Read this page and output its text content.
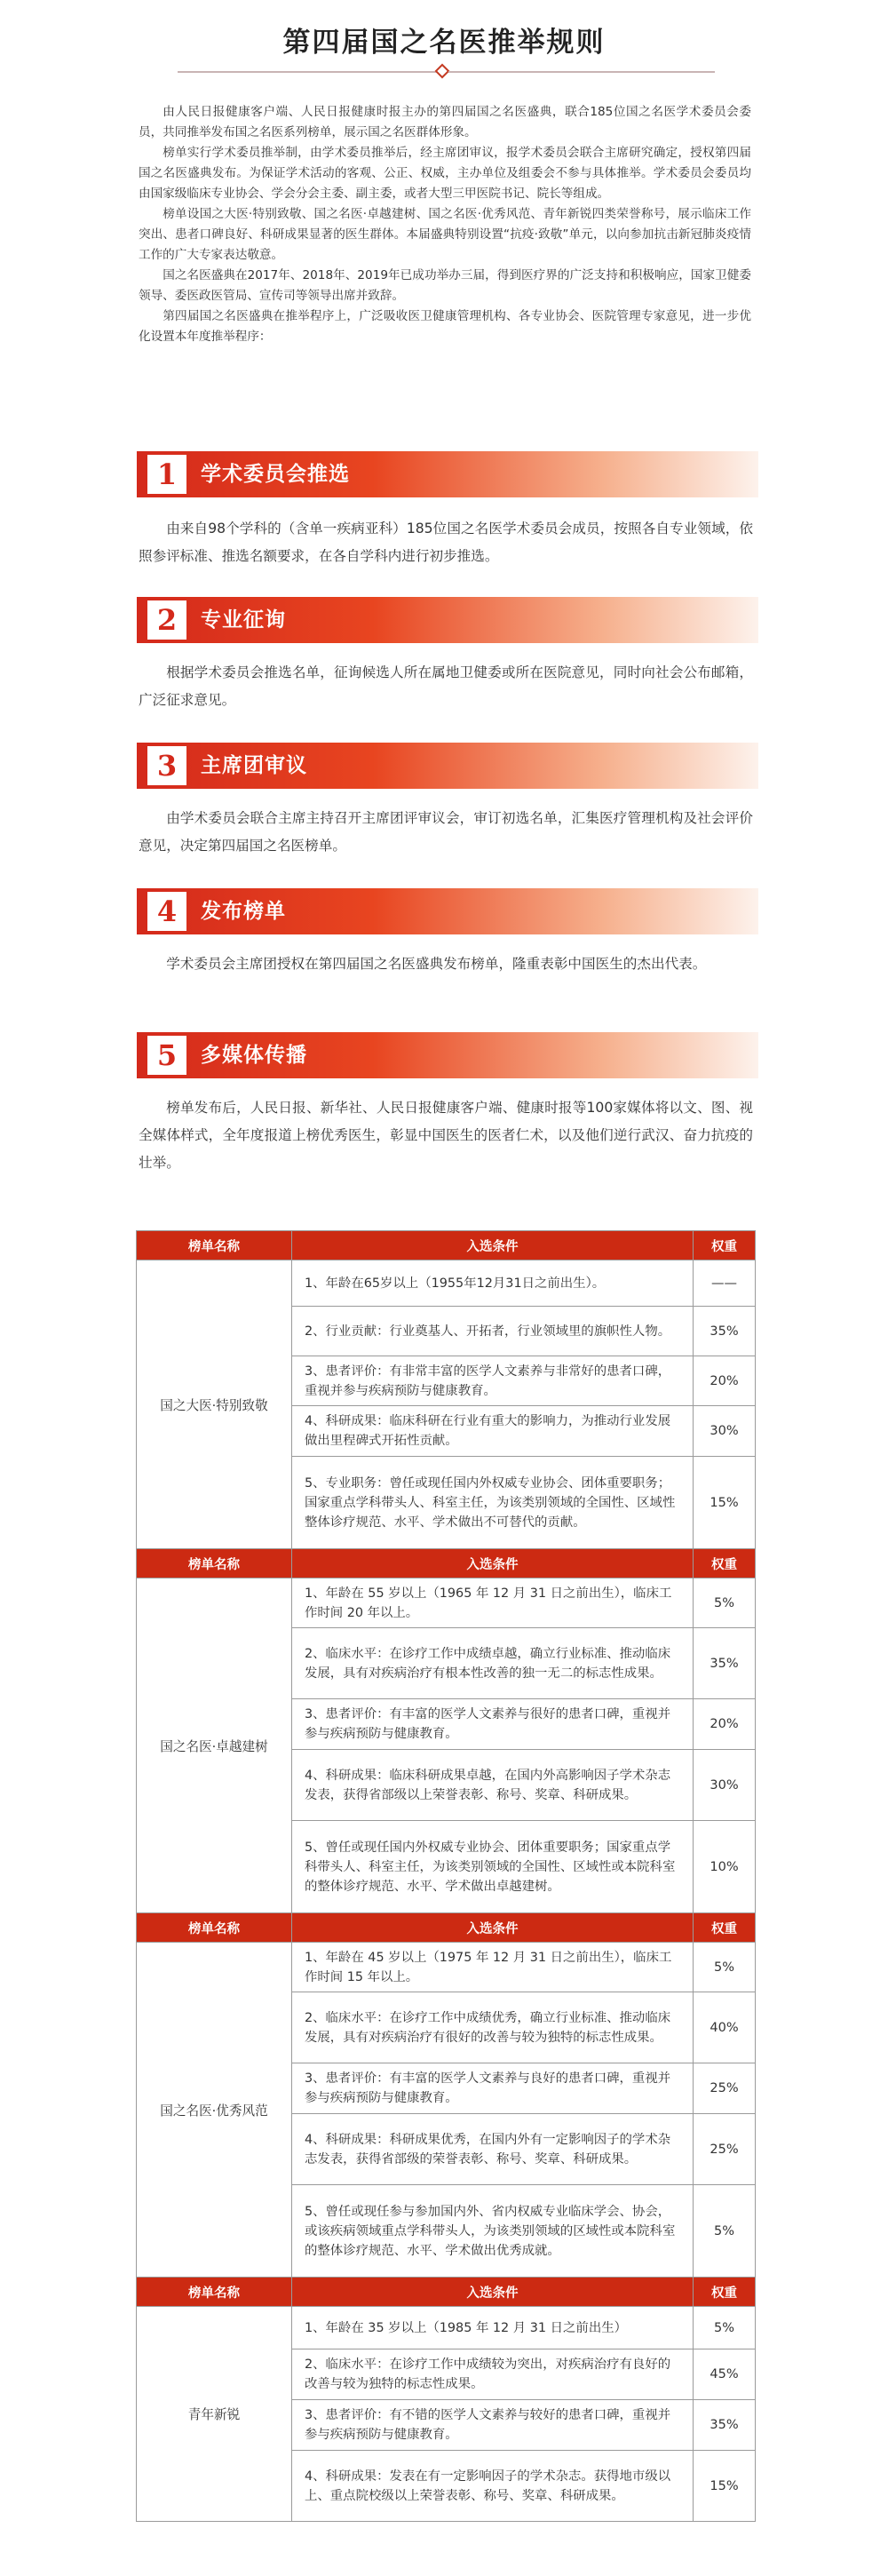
第四届国之名医推举规则

由人民日报健康客户端、人民日报健康时报主办的第四届国之名医盛典，联合185位国之名医学术委员会委员，共同推举发布国之名医系列榜单，展示国之名医群体形象。

榜单实行学术委员推举制，由学术委员推举后，经主席团审议，报学术委员会联合主席研究确定，授权第四届国之名医盛典发布。为保证学术活动的客观、公正、权威，主办单位及组委会不参与具体推举。学术委员会委员均由国家级临床专业协会、学会分会主委、副主委，或者大型三甲医院书记、院长等组成。

榜单设国之大医·特别致敬、国之名医·卓越建树、国之名医·优秀风范、青年新锐四类荣誉称号，展示临床工作突出、患者口碑良好、科研成果显著的医生群体。本届盛典特别设置“抗疫·致敬”单元，以向参加抗击新冠肺炎疫情工作的广大专家表达敬意。

国之名医盛典在2017年、2018年、2019年已成功举办三届，得到医疗界的广泛支持和积极响应，国家卫健委领导、委医政医管局、宣传司等领导出席并致辞。

第四届国之名医盛典在推举程序上，广泛吸收医卫健康管理机构、各专业协会、医院管理专家意见，进一步优化设置本年度推举程序：

1	学术委员会推选

由来自98个学科的（含单一疾病亚科）185位国之名医学术委员会成员，按照各自专业领域，依照参评标准、推选名额要求，在各自学科内进行初步推选。

2	专业征询

根据学术委员会推选名单，征询候选人所在属地卫健委或所在医院意见，同时向社会公布邮箱，广泛征求意见。

3	主席团审议

由学术委员会联合主席主持召开主席团评审议会，审订初选名单，汇集医疗管理机构及社会评价意见，决定第四届国之名医榜单。

4	发布榜单

学术委员会主席团授权在第四届国之名医盛典发布榜单，隆重表彰中国医生的杰出代表。

5	多媒体传播

榜单发布后，人民日报、新华社、人民日报健康客户端、健康时报等100家媒体将以文、图、视全媒体样式，全年度报道上榜优秀医生，彰显中国医生的医者仁术，以及他们逆行武汉、奋力抗疫的壮举。

榜单名称	入选条件	权重
国之大医·特别致敬	1、年龄在65岁以上（1955年12月31日之前出生）。	——
	2、行业贡献：行业奠基人、开拓者，行业领域里的旗帜性人物。	35%
	3、患者评价：有非常丰富的医学人文素养与非常好的患者口碑，重视并参与疾病预防与健康教育。	20%
	4、科研成果：临床科研在行业有重大的影响力，为推动行业发展做出里程碑式开拓性贡献。	30%
	5、专业职务：曾任或现任国内外权威专业协会、团体重要职务；国家重点学科带头人、科室主任，为该类别领域的全国性、区域性整体诊疗规范、水平、学术做出不可替代的贡献。	15%
榜单名称	入选条件	权重
国之名医·卓越建树	1、年龄在 55 岁以上（1965 年 12 月 31 日之前出生），临床工作时间 20 年以上。	5%
	2、临床水平：在诊疗工作中成绩卓越，确立行业标准、推动临床发展，具有对疾病治疗有根本性改善的独一无二的标志性成果。	35%
	3、患者评价：有丰富的医学人文素养与很好的患者口碑，重视并参与疾病预防与健康教育。	20%
	4、科研成果：临床科研成果卓越，在国内外高影响因子学术杂志发表，获得省部级以上荣誉表彰、称号、奖章、科研成果。	30%
	5、曾任或现任国内外权威专业协会、团体重要职务；国家重点学科带头人、科室主任，为该类别领域的全国性、区域性或本院科室的整体诊疗规范、水平、学术做出卓越建树。	10%
榜单名称	入选条件	权重
国之名医·优秀风范	1、年龄在 45 岁以上（1975 年 12 月 31 日之前出生），临床工作时间 15 年以上。	5%
	2、临床水平：在诊疗工作中成绩优秀，确立行业标准、推动临床发展，具有对疾病治疗有很好的改善与较为独特的标志性成果。	40%
	3、患者评价：有丰富的医学人文素养与良好的患者口碑，重视并参与疾病预防与健康教育。	25%
	4、科研成果：科研成果优秀，在国内外有一定影响因子的学术杂志发表，获得省部级的荣誉表彰、称号、奖章、科研成果。	25%
	5、曾任或现任参与参加国内外、省内权威专业临床学会、协会，或该疾病领域重点学科带头人，为该类别领域的区域性或本院科室的整体诊疗规范、水平、学术做出优秀成就。	5%
榜单名称	入选条件	权重
青年新锐	1、年龄在 35 岁以上（1985 年 12 月 31 日之前出生）	5%
	2、临床水平：在诊疗工作中成绩较为突出，对疾病治疗有良好的改善与较为独特的标志性成果。	45%
	3、患者评价：有不错的医学人文素养与较好的患者口碑，重视并参与疾病预防与健康教育。	35%
	4、科研成果：发表在有一定影响因子的学术杂志。获得地市级以上、重点院校级以上荣誉表彰、称号、奖章、科研成果。	15%
